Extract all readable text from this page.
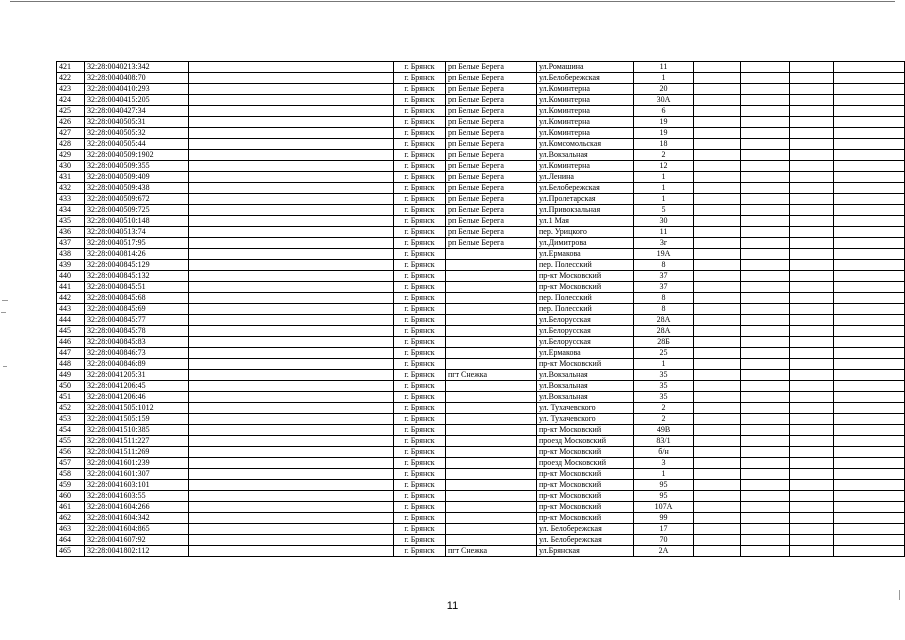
421	32:28:0040213:342		г. Брянск	рп Белые Берега	ул.Ромашина	11				
422	32:28:0040408:70		г. Брянск	рп Белые Берега	ул.Белобережская	1				
423	32:28:0040410:293		г. Брянск	рп Белые Берега	ул.Коминтерна	20				
424	32:28:0040415:205		г. Брянск	рп Белые Берега	ул.Коминтерна	30А				
425	32:28:0040427:34		г. Брянск	рп Белые Берега	ул.Коминтерна	6				
426	32:28:0040505:31		г. Брянск	рп Белые Берега	ул.Коминтерна	19				
427	32:28:0040505:32		г. Брянск	рп Белые Берега	ул.Коминтерна	19				
428	32:28:0040505:44		г. Брянск	рп Белые Берега	ул.Комсомольская	18				
429	32:28:0040509:1902		г. Брянск	рп Белые Берега	ул.Вокзальная	2				
430	32:28:0040509:355		г. Брянск	рп Белые Берега	ул.Коминтерна	12				
431	32:28:0040509:409		г. Брянск	рп Белые Берега	ул.Ленина	1				
432	32:28:0040509:438		г. Брянск	рп Белые Берега	ул.Белобережская	1				
433	32:28:0040509:672		г. Брянск	рп Белые Берега	ул.Пролетарская	1				
434	32:28:0040509:725		г. Брянск	рп Белые Берега	ул.Привокзальная	5				
435	32:28:0040510:148		г. Брянск	рп Белые Берега	ул.1 Мая	30				
436	32:28:0040513:74		г. Брянск	рп Белые Берега	пер. Урицкого	11				
437	32:28:0040517:95		г. Брянск	рп Белые Берега	ул.Димитрова	3г				
438	32:28:0040814:26		г. Брянск		ул.Ермакова	19А				
439	32:28:0040845:129		г. Брянск		пер. Полесский	8				
440	32:28:0040845:132		г. Брянск		пр-кт Московский	37				
441	32:28:0040845:51		г. Брянск		пр-кт Московский	37				
442	32:28:0040845:68		г. Брянск		пер. Полесский	8				
443	32:28:0040845:69		г. Брянск		пер. Полесский	8				
444	32:28:0040845:77		г. Брянск		ул.Белорусская	28А				
445	32:28:0040845:78		г. Брянск		ул.Белорусская	28А				
446	32:28:0040845:83		г. Брянск		ул.Белорусская	28Б				
447	32:28:0040846:73		г. Брянск		ул.Ермакова	25				
448	32:28:0040846:89		г. Брянск		пр-кт Московский	1				
449	32:28:0041205:31		г. Брянск	пгт Снежка	ул.Вокзальная	35				
450	32:28:0041206:45		г. Брянск		ул.Вокзальная	35				
451	32:28:0041206:46		г. Брянск		ул.Вокзальная	35				
452	32:28:0041505:1012		г. Брянск		ул. Тухачевского	2				
453	32:28:0041505:159		г. Брянск		ул. Тухачевского	2				
454	32:28:0041510:385		г. Брянск		пр-кт Московский	49В				
455	32:28:0041511:227		г. Брянск		проезд Московский	83/1				
456	32:28:0041511:269		г. Брянск		пр-кт Московский	б/н				
457	32:28:0041601:239		г. Брянск		проезд Московский	3				
458	32:28:0041601:307		г. Брянск		пр-кт Московский	1				
459	32:28:0041603:101		г. Брянск		пр-кт Московский	95				
460	32:28:0041603:55		г. Брянск		пр-кт Московский	95				
461	32:28:0041604:266		г. Брянск		пр-кт Московский	107А				
462	32:28:0041604:342		г. Брянск		пр-кт Московский	99				
463	32:28:0041604:865		г. Брянск		ул. Белобережская	17				
464	32:28:0041607:92		г. Брянск		ул. Белобережская	70				
465	32:28:0041802:112		г. Брянск	пгт Снежка	ул.Брянская	2А				
11
